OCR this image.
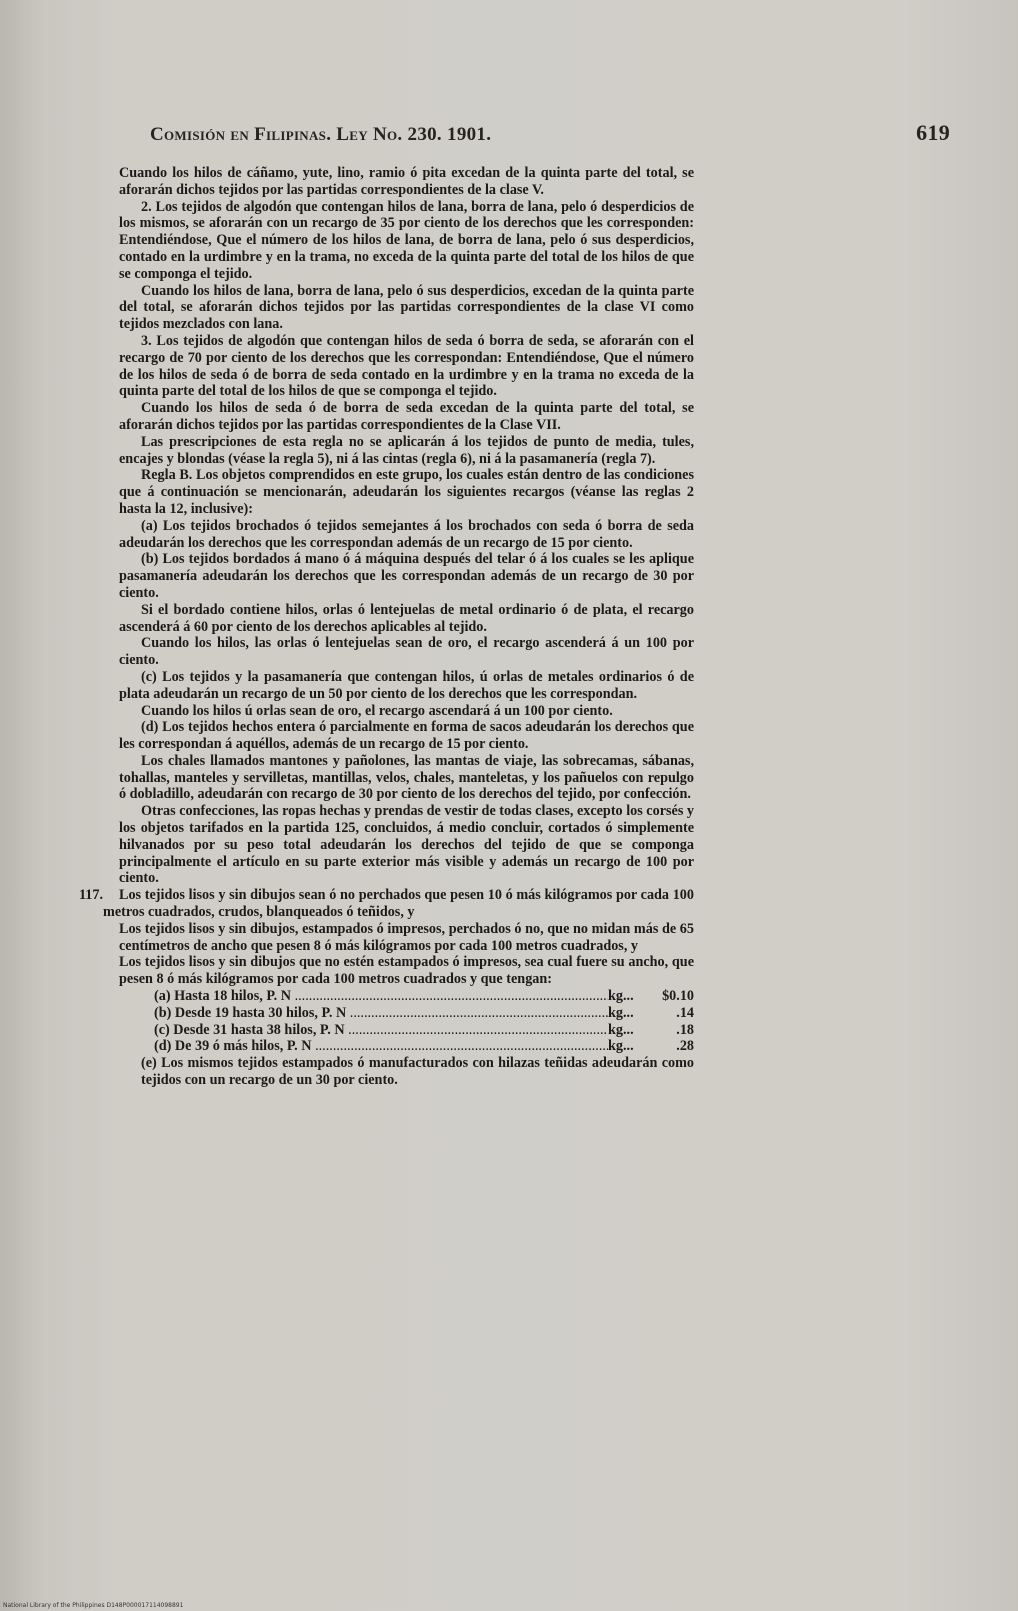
Comisión en Filipinas. Ley No. 230. 1901.	619

Cuando los hilos de cáñamo, yute, lino, ramio ó pita excedan de la quinta parte del total, se aforarán dichos tejidos por las partidas correspondientes de la clase V.

2. Los tejidos de algodón que contengan hilos de lana, borra de lana, pelo ó desperdicios de los mismos, se aforarán con un recargo de 35 por ciento de los derechos que les corresponden: Entendiéndose, Que el número de los hilos de lana, de borra de lana, pelo ó sus desperdicios, contado en la urdimbre y en la trama, no exceda de la quinta parte del total de los hilos de que se componga el tejido.

Cuando los hilos de lana, borra de lana, pelo ó sus desperdicios, excedan de la quinta parte del total, se aforarán dichos tejidos por las partidas correspondientes de la clase VI como tejidos mezclados con lana.

3. Los tejidos de algodón que contengan hilos de seda ó borra de seda, se aforarán con el recargo de 70 por ciento de los derechos que les correspondan: Entendiéndose, Que el número de los hilos de seda ó de borra de seda contado en la urdimbre y en la trama no exceda de la quinta parte del total de los hilos de que se componga el tejido.

Cuando los hilos de seda ó de borra de seda excedan de la quinta parte del total, se aforarán dichos tejidos por las partidas correspondientes de la Clase VII.

Las prescripciones de esta regla no se aplicarán á los tejidos de punto de media, tules, encajes y blondas (véase la regla 5), ni á las cintas (regla 6), ni á la pasamanería (regla 7).

Regla B. Los objetos comprendidos en este grupo, los cuales están dentro de las condiciones que á continuación se mencionarán, adeudarán los siguientes recargos (véanse las reglas 2 hasta la 12, inclusive):

(a) Los tejidos brochados ó tejidos semejantes á los brochados con seda ó borra de seda adeudarán los derechos que les correspondan además de un recargo de 15 por ciento.

(b) Los tejidos bordados á mano ó á máquina después del telar ó á los cuales se les aplique pasamanería adeudarán los derechos que les correspondan además de un recargo de 30 por ciento.

Si el bordado contiene hilos, orlas ó lentejuelas de metal ordinario ó de plata, el recargo ascenderá á 60 por ciento de los derechos aplicables al tejido.

Cuando los hilos, las orlas ó lentejuelas sean de oro, el recargo ascenderá á un 100 por ciento.

(c) Los tejidos y la pasamanería que contengan hilos, ú orlas de metales ordinarios ó de plata adeudarán un recargo de un 50 por ciento de los derechos que les correspondan.

Cuando los hilos ú orlas sean de oro, el recargo ascendará á un 100 por ciento.

(d) Los tejidos hechos entera ó parcialmente en forma de sacos adeudarán los derechos que les correspondan á aquéllos, además de un recargo de 15 por ciento.

Los chales llamados mantones y pañolones, las mantas de viaje, las sobrecamas, sábanas, tohallas, manteles y servilletas, mantillas, velos, chales, manteletas, y los pañuelos con repulgo ó dobladillo, adeudarán con recargo de 30 por ciento de los derechos del tejido, por confección.

Otras confecciones, las ropas hechas y prendas de vestir de todas clases, excepto los corsés y los objetos tarifados en la partida 125, concluidos, á medio concluir, cortados ó simplemente hilvanados por su peso total adeudarán los derechos del tejido de que se componga principalmente el artículo en su parte exterior más visible y además un recargo de 100 por ciento.

117. Los tejidos lisos y sin dibujos sean ó no perchados que pesen 10 ó más kilógramos por cada 100 metros cuadrados, crudos, blanqueados ó teñidos, y

Los tejidos lisos y sin dibujos, estampados ó impresos, perchados ó no, que no midan más de 65 centímetros de ancho que pesen 8 ó más kilógramos por cada 100 metros cuadrados, y

Los tejidos lisos y sin dibujos que no estén estampados ó impresos, sea cual fuere su ancho, que pesen 8 ó más kilógramos por cada 100 metros cuadrados y que tengan:

(a) Hasta 18 hilos, P. N .....	kg...	$0.10
(b) Desde 19 hasta 30 hilos, P. N .....	kg...	.14
(c) Desde 31 hasta 38 hilos, P. N .....	kg...	.18
(d) De 39 ó más hilos, P. N .....	kg...	.28

(e) Los mismos tejidos estampados ó manufacturados con hilazas teñidas adeudarán como tejidos con un recargo de un 30 por ciento.

National Library of the Philippines D148P000017114098891
